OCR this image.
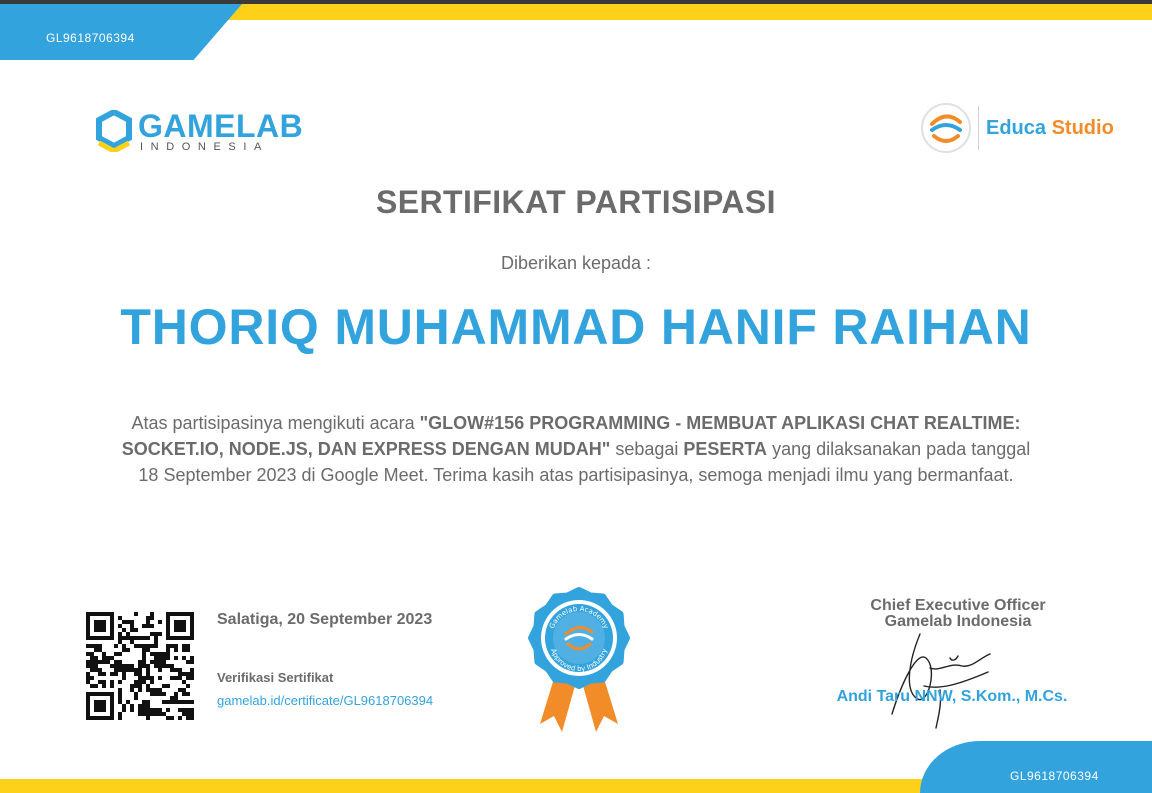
GL9618706394
GL9618706394
GAMELAB
INDONESIA
Educa Studio
SERTIFIKAT PARTISIPASI
Diberikan kepada :
THORIQ MUHAMMAD HANIF RAIHAN

Atas partisipasinya mengikuti acara "GLOW#156 PROGRAMMING - MEMBUAT APLIKASI CHAT REALTIME: SOCKET.IO, NODE.JS, DAN EXPRESS DENGAN MUDAH" sebagai PESERTA yang dilaksanakan pada tanggal 18 September 2023 di Google Meet. Terima kasih atas partisipasinya, semoga menjadi ilmu yang bermanfaat.

Salatiga, 20 September 2023
Verifikasi Sertifikat
gamelab.id/certificate/GL9618706394
Gamelab Academy
Approved by Industry
Chief Executive Officer
Gamelab Indonesia
Andi Taru NNW, S.Kom., M.Cs.
